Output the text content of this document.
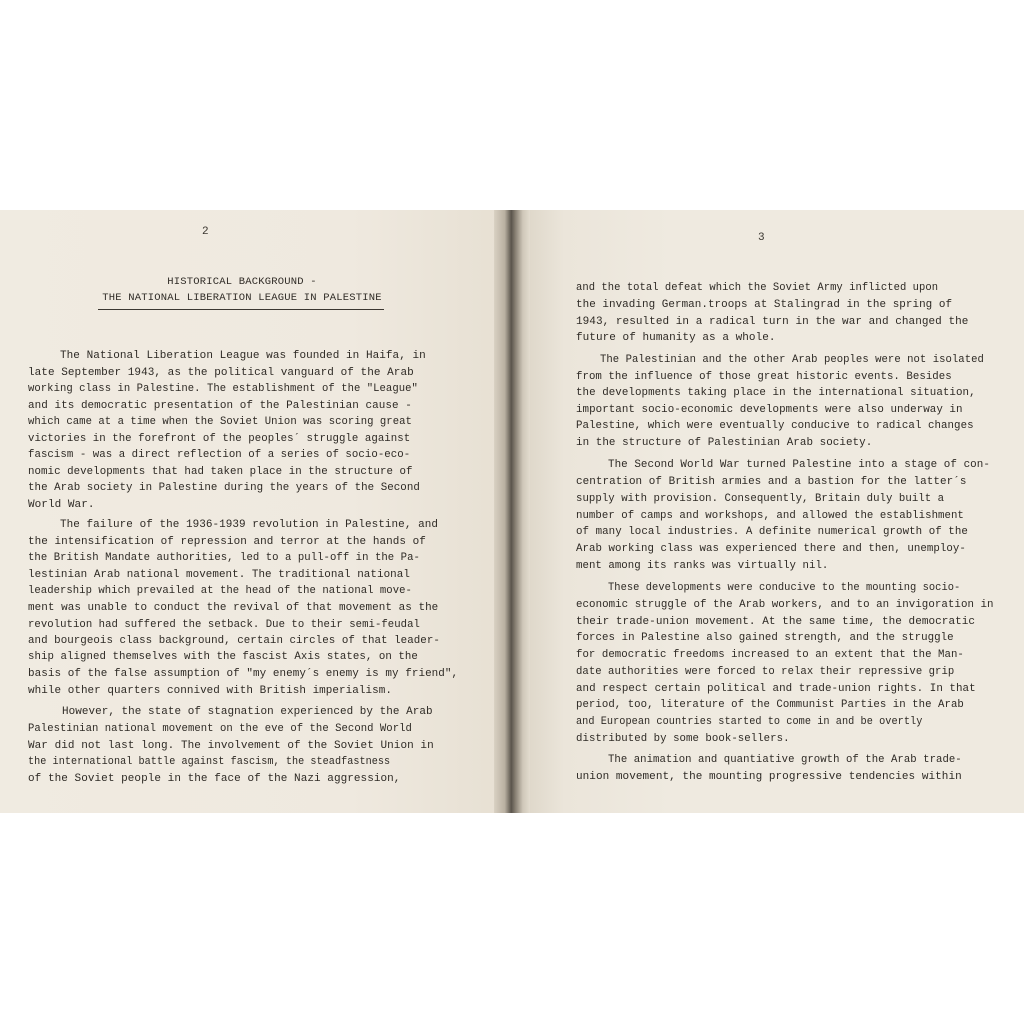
2
HISTORICAL BACKGROUND -
THE NATIONAL LIBERATION LEAGUE IN PALESTINE
The National Liberation League was founded in Haifa, in
late September 1943, as the political vanguard of the Arab
working class in Palestine. The establishment of the "League"
and its democratic presentation of the Palestinian cause -
which came at a time when the Soviet Union was scoring great
victories in the forefront of the peoples´ struggle against
fascism - was a direct reflection of a series of socio-eco-
nomic developments that had taken place in the structure of
the Arab society in Palestine during the years of the Second
World War.
The failure of the 1936-1939 revolution in Palestine, and
the intensification of repression and terror at the hands of
the British Mandate authorities, led to a pull-off in the Pa-
lestinian Arab national movement. The traditional national
leadership which prevailed at the head of the national move-
ment was unable to conduct the revival of that movement as the
revolution had suffered the setback. Due to their semi-feudal
and bourgeois class background, certain circles of that leader-
ship aligned themselves with the fascist Axis states, on the
basis of the false assumption of "my enemy´s enemy is my friend",
while other quarters connived with British imperialism.
However, the state of stagnation experienced by the Arab
Palestinian national movement on the eve of the Second World
War did not last long. The involvement of the Soviet Union in
the international battle against fascism, the steadfastness
of the Soviet people in the face of the Nazi aggression,
3
and the total defeat which the Soviet Army inflicted upon
the invading German.troops at Stalingrad in the spring of
1943, resulted in a radical turn in the war and changed the
future of humanity as a whole.
The Palestinian and the other Arab peoples were not isolated
from the influence of those great historic events. Besides
the developments taking place in the international situation,
important socio-economic developments were also underway in
Palestine, which were eventually conducive to radical changes
in the structure of Palestinian Arab society.
The Second World War turned Palestine into a stage of con-
centration of British armies and a bastion for the latter´s
supply with provision. Consequently, Britain duly built a
number of camps and workshops, and allowed the establishment
of many local industries. A definite numerical growth of the
Arab working class was experienced there and then, unemploy-
ment among its ranks was virtually nil.
These developments were conducive to the mounting socio-
economic struggle of the Arab workers, and to an invigoration in
their trade-union movement. At the same time, the democratic
forces in Palestine also gained strength, and the struggle
for democratic freedoms increased to an extent that the Man-
date authorities were forced to relax their repressive grip
and respect certain political and trade-union rights. In that
period, too, literature of the Communist Parties in the Arab
and European countries started to come in and be overtly
distributed by some book-sellers.
The animation and quantiative growth of the Arab trade-
union movement, the mounting progressive tendencies within
